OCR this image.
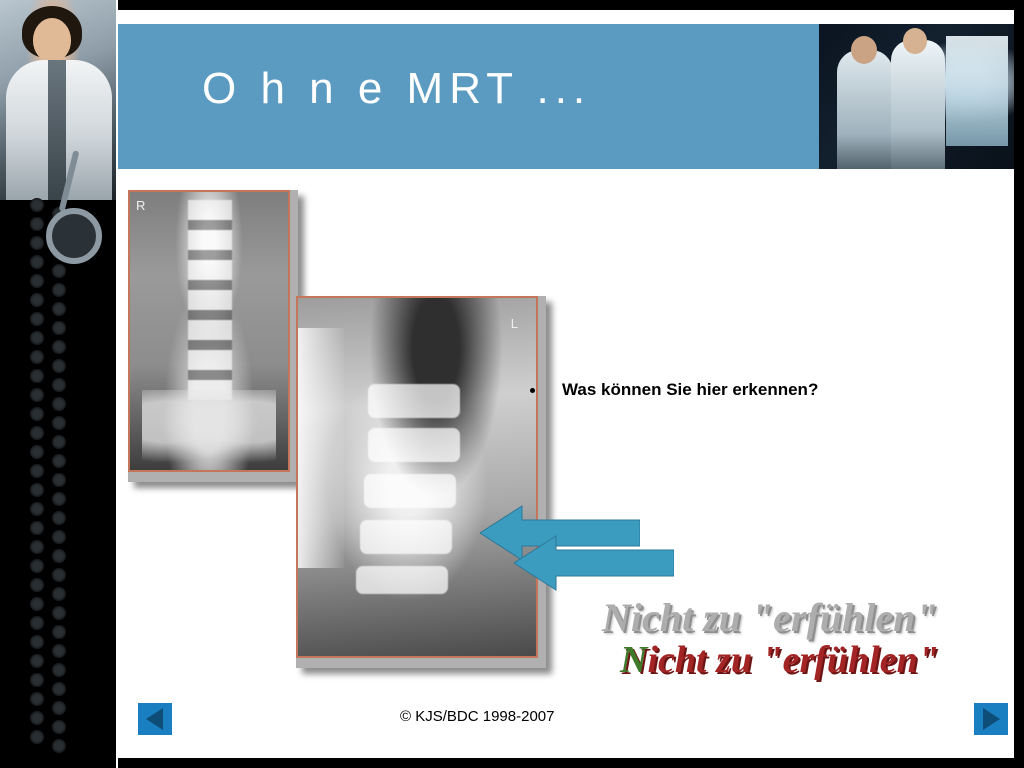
O h n e MRT ...
R
L
Was können Sie hier erkennen?
Nicht zu "erfühlen"
Nicht zu "erfühlen"
© KJS/BDC 1998-2007
